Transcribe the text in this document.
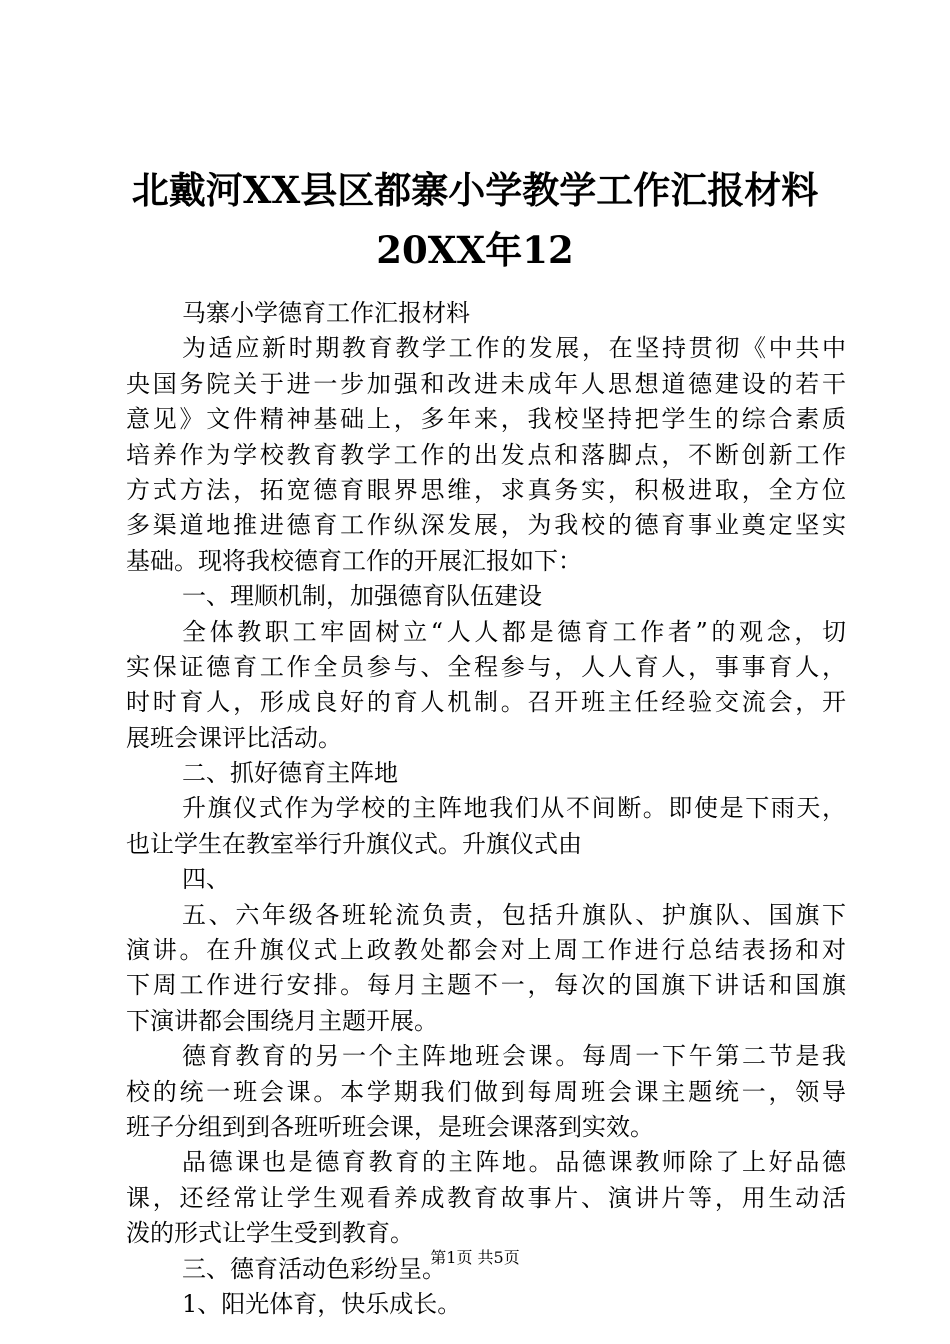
北戴河XX县区都寨小学教学工作汇报材料
20XX年12
马寨小学德育工作汇报材料
为适应新时期教育教学工作的发展，在坚持贯彻《中共中
央国务院关于进一步加强和改进未成年人思想道德建设的若干
意见》文件精神基础上，多年来，我校坚持把学生的综合素质
培养作为学校教育教学工作的出发点和落脚点，不断创新工作
方式方法，拓宽德育眼界思维，求真务实，积极进取，全方位
多渠道地推进德育工作纵深发展，为我校的德育事业奠定坚实
基础。现将我校德育工作的开展汇报如下：
一、理顺机制，加强德育队伍建设
全体教职工牢固树立“人人都是德育工作者”的观念，切
实保证德育工作全员参与、全程参与，人人育人，事事育人，
时时育人，形成良好的育人机制。召开班主任经验交流会，开
展班会课评比活动。
二、抓好德育主阵地
升旗仪式作为学校的主阵地我们从不间断。即使是下雨天，
也让学生在教室举行升旗仪式。升旗仪式由
四、
五、六年级各班轮流负责，包括升旗队、护旗队、国旗下
演讲。在升旗仪式上政教处都会对上周工作进行总结表扬和对
下周工作进行安排。每月主题不一，每次的国旗下讲话和国旗
下演讲都会围绕月主题开展。
德育教育的另一个主阵地班会课。每周一下午第二节是我
校的统一班会课。本学期我们做到每周班会课主题统一，领导
班子分组到到各班听班会课，是班会课落到实效。
品德课也是德育教育的主阵地。品德课教师除了上好品德
课，还经常让学生观看养成教育故事片、演讲片等，用生动活
泼的形式让学生受到教育。
三、德育活动色彩纷呈。
1、阳光体育，快乐成长。
第1页 共5页
